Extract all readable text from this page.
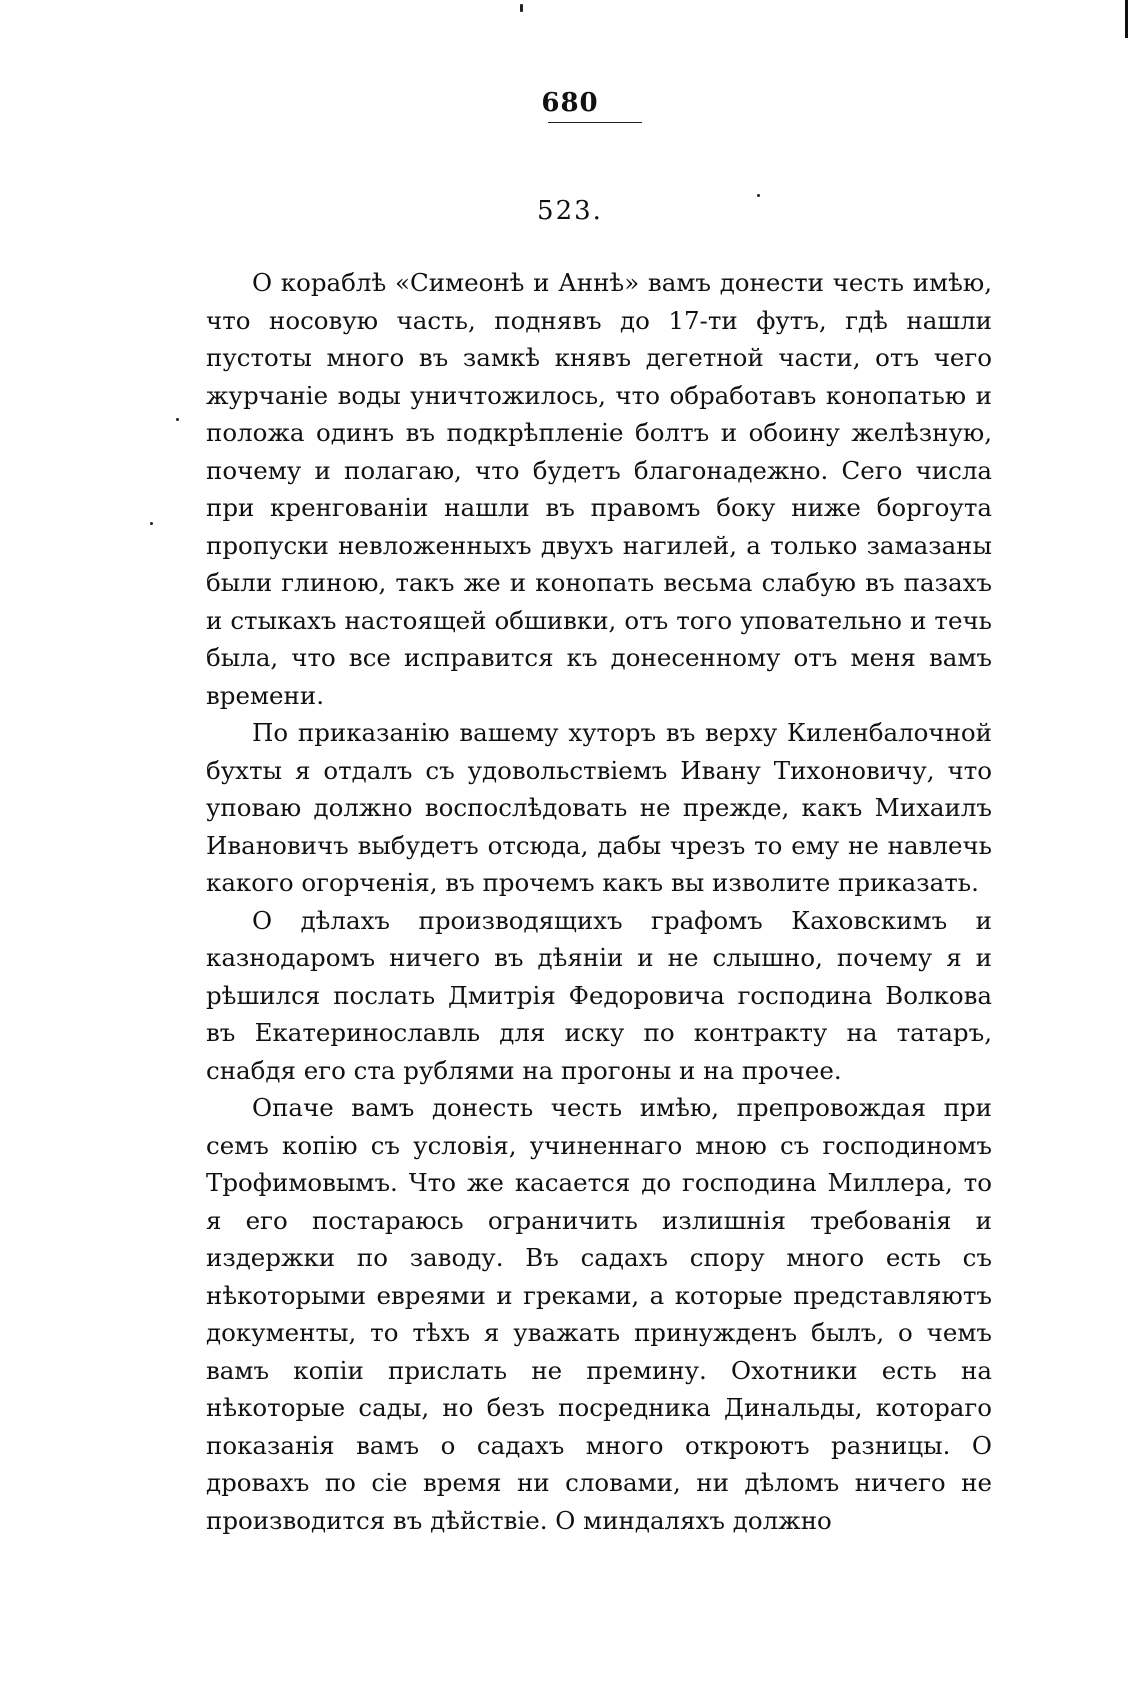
680
523.

О кораблѣ «Симеонѣ и Аннѣ» вамъ донести честь имѣю, что носовую часть, поднявъ до 17-ти футъ, гдѣ нашли пустоты много въ замкѣ княвъ дегетной части, отъ чего журчаніе воды уничтожилось, что обработавъ конопатью и положа одинъ въ подкрѣпленіе болтъ и обоину желѣзную, почему и полагаю, что будетъ благонадежно. Сего числа при кренгованіи нашли въ правомъ боку ниже боргоута пропуски невложенныхъ двухъ нагилей, а только замазаны были глиною, такъ же и конопать весьма слабую въ пазахъ и стыкахъ настоящей обшивки, отъ того уповательно и течь была, что все исправится къ донесенному отъ меня вамъ времени.

По приказанію вашему хуторъ въ верху Киленбалочной бухты я отдалъ съ удовольствіемъ Ивану Тихоновичу, что уповаю должно воспослѣдовать не прежде, какъ Михаилъ Ивановичъ выбудетъ отсюда, дабы чрезъ то ему не навлечь какого огорченія, въ прочемъ какъ вы изволите приказать.

О дѣлахъ производящихъ графомъ Каховскимъ и казнодаромъ ничего въ дѣяніи и не слышно, почему я и рѣшился послать Дмитрія Федоровича господина Волкова въ Екатеринославль для иску по контракту на татаръ, снабдя его ста рублями на прогоны и на прочее.

Опаче вамъ донесть честь имѣю, препровождая при семъ копію съ условія, учиненнаго мною съ господиномъ Трофимовымъ. Что же касается до господина Миллера, то я его постараюсь ограничить излишнія требованія и издержки по заводу. Въ садахъ спору много есть съ нѣкоторыми евреями и греками, а которые представляютъ документы, то тѣхъ я уважать принужденъ былъ, о чемъ вамъ копіи прислать не премину. Охотники есть на нѣкоторые сады, но безъ посредника Динальды, котораго показанія вамъ о садахъ много откроютъ разницы. О дровахъ по сіе время ни словами, ни дѣломъ ничего не производится въ дѣйствіе. О миндаляхъ должно
